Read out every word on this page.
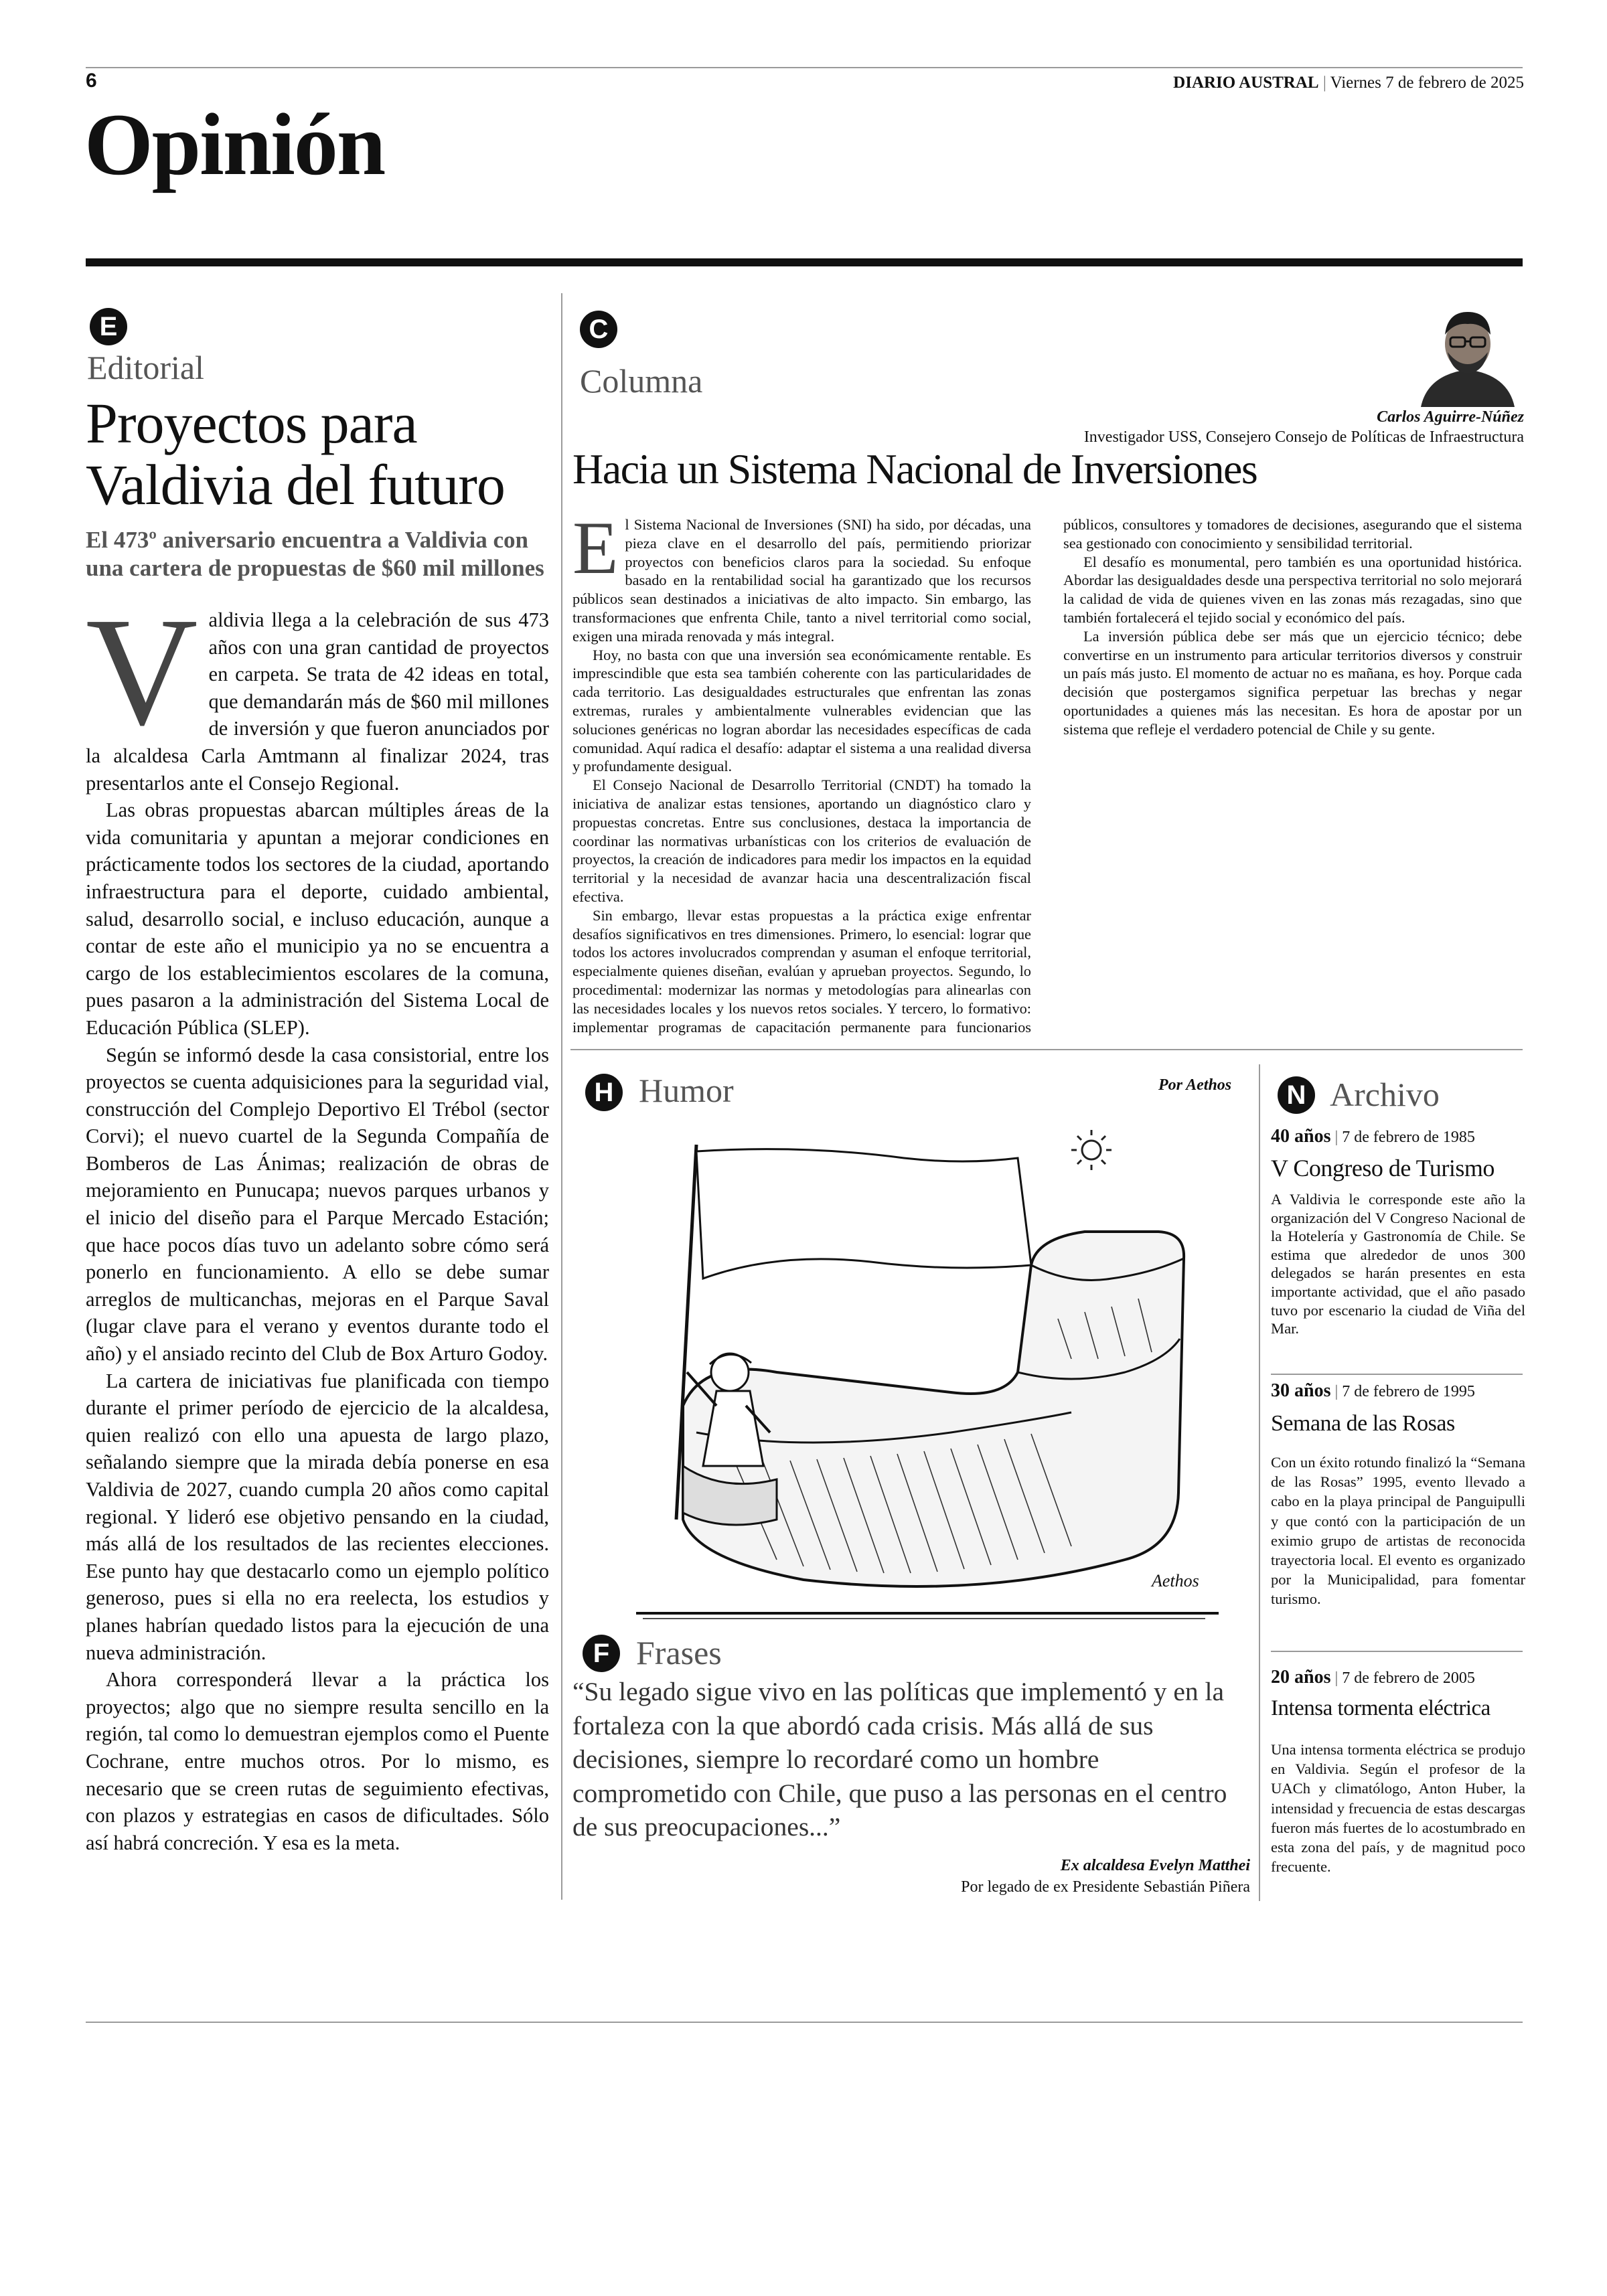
6	DIARIO AUSTRAL | Viernes 7 de febrero de 2025
Opinión
E
Editorial
Proyectos para
Valdivia del futuro
El 473º aniversario encuentra a Valdivia con una cartera de propuestas de $60 mil millones
V aldivia llega a la celebración de sus 473 años con una gran cantidad de proyectos en carpeta. Se trata de 42 ideas en total, que demandarán más de $60 mil millones de inversión y que fueron anunciados por la alcaldesa Carla Amtmann al finalizar 2024, tras presentarlos ante el Consejo Regional.

Las obras propuestas abarcan múltiples áreas de la vida comunitaria y apuntan a mejorar condiciones en prácticamente todos los sectores de la ciudad, aportando infraestructura para el deporte, cuidado ambiental, salud, desarrollo social, e incluso educación, aunque a contar de este año el municipio ya no se encuentra a cargo de los establecimientos escolares de la comuna, pues pasaron a la administración del Sistema Local de Educación Pública (SLEP).

Según se informó desde la casa consistorial, entre los proyectos se cuenta adquisiciones para la seguridad vial, construcción del Complejo Deportivo El Trébol (sector Corvi); el nuevo cuartel de la Segunda Compañía de Bomberos de Las Ánimas; realización de obras de mejoramiento en Punucapa; nuevos parques urbanos y el inicio del diseño para el Parque Mercado Estación; que hace pocos días tuvo un adelanto sobre cómo será ponerlo en funcionamiento. A ello se debe sumar arreglos de multicanchas, mejoras en el Parque Saval (lugar clave para el verano y eventos durante todo el año) y el ansiado recinto del Club de Box Arturo Godoy.

La cartera de iniciativas fue planificada con tiempo durante el primer período de ejercicio de la alcaldesa, quien realizó con ello una apuesta de largo plazo, señalando siempre que la mirada debía ponerse en esa Valdivia de 2027, cuando cumpla 20 años como capital regional. Y lideró ese objetivo pensando en la ciudad, más allá de los resultados de las recientes elecciones. Ese punto hay que destacarlo como un ejemplo político generoso, pues si ella no era reelecta, los estudios y planes habrían quedado listos para la ejecución de una nueva administración.

Ahora corresponderá llevar a la práctica los proyectos; algo que no siempre resulta sencillo en la región, tal como lo demuestran ejemplos como el Puente Cochrane, entre muchos otros. Por lo mismo, es necesario que se creen rutas de seguimiento efectivas, con plazos y estrategias en casos de dificultades. Sólo así habrá concreción. Y esa es la meta.

C
Columna
Carlos Aguirre-Núñez
Investigador USS, Consejero Consejo de Políticas de Infraestructura
Hacia un Sistema Nacional de Inversiones
E l Sistema Nacional de Inversiones (SNI) ha sido, por décadas, una pieza clave en el desarrollo del país, permitiendo priorizar proyectos con beneficios claros para la sociedad. Su enfoque basado en la rentabilidad social ha garantizado que los recursos públicos sean destinados a iniciativas de alto impacto. Sin embargo, las transformaciones que enfrenta Chile, tanto a nivel territorial como social, exigen una mirada renovada y más integral.

Hoy, no basta con que una inversión sea económicamente rentable. Es imprescindible que esta sea también coherente con las particularidades de cada territorio. Las desigualdades estructurales que enfrentan las zonas extremas, rurales y ambientalmente vulnerables evidencian que las soluciones genéricas no logran abordar las necesidades específicas de cada comunidad. Aquí radica el desafío: adaptar el sistema a una realidad diversa y profundamente desigual.

El Consejo Nacional de Desarrollo Territorial (CNDT) ha tomado la iniciativa de analizar estas tensiones, aportando un diagnóstico claro y propuestas concretas. Entre sus conclusiones, destaca la importancia de coordinar las normativas urbanísticas con los criterios de evaluación de proyectos, la creación de indicadores para medir los impactos en la equidad territorial y la necesidad de avanzar hacia una descentralización fiscal efectiva.

Sin embargo, llevar estas propuestas a la práctica exige enfrentar desafíos significativos en tres dimensiones. Primero, lo esencial: lograr que todos los actores involucrados comprendan y asuman el enfoque territorial, especialmente quienes diseñan, evalúan y aprueban proyectos. Segundo, lo procedimental: modernizar las normas y metodologías para alinearlas con las necesidades locales y los nuevos retos sociales. Y tercero, lo formativo: implementar programas de capacitación permanente para funcionarios públicos, consultores y tomadores de decisiones, asegurando que el sistema sea gestionado con conocimiento y sensibilidad territorial.

El desafío es monumental, pero también es una oportunidad histórica. Abordar las desigualdades desde una perspectiva territorial no solo mejorará la calidad de vida de quienes viven en las zonas más rezagadas, sino que también fortalecerá el tejido social y económico del país.

La inversión pública debe ser más que un ejercicio técnico; debe convertirse en un instrumento para articular territorios diversos y construir un país más justo. El momento de actuar no es mañana, es hoy. Porque cada decisión que postergamos significa perpetuar las brechas y negar oportunidades a quienes más las necesitan. Es hora de apostar por un sistema que refleje el verdadero potencial de Chile y su gente.

H Humor	Por Aethos
Aethos
F Frases
“Su legado sigue vivo en las políticas que implementó y en la fortaleza con la que abordó cada crisis. Más allá de sus decisiones, siempre lo recordaré como un hombre comprometido con Chile, que puso a las personas en el centro de sus preocupaciones...”
Ex alcaldesa Evelyn Matthei
Por legado de ex Presidente Sebastián Piñera
N Archivo
40 años | 7 de febrero de 1985
V Congreso de Turismo
A Valdivia le corresponde este año la organización del V Congreso Nacional de la Hotelería y Gastronomía de Chile. Se estima que alrededor de unos 300 delegados se harán presentes en esta importante actividad, que el año pasado tuvo por escenario la ciudad de Viña del Mar.
30 años | 7 de febrero de 1995
Semana de las Rosas
Con un éxito rotundo finalizó la “Semana de las Rosas” 1995, evento llevado a cabo en la playa principal de Panguipulli y que contó con la participación de un eximio grupo de artistas de reconocida trayectoria local. El evento es organizado por la Municipalidad, para fomentar turismo.
20 años | 7 de febrero de 2005
Intensa tormenta eléctrica
Una intensa tormenta eléctrica se produjo en Valdivia. Según el profesor de la UACh y climatólogo, Anton Huber, la intensidad y frecuencia de estas descargas fueron más fuertes de lo acostumbrado en esta zona del país, y de magnitud poco frecuente.
